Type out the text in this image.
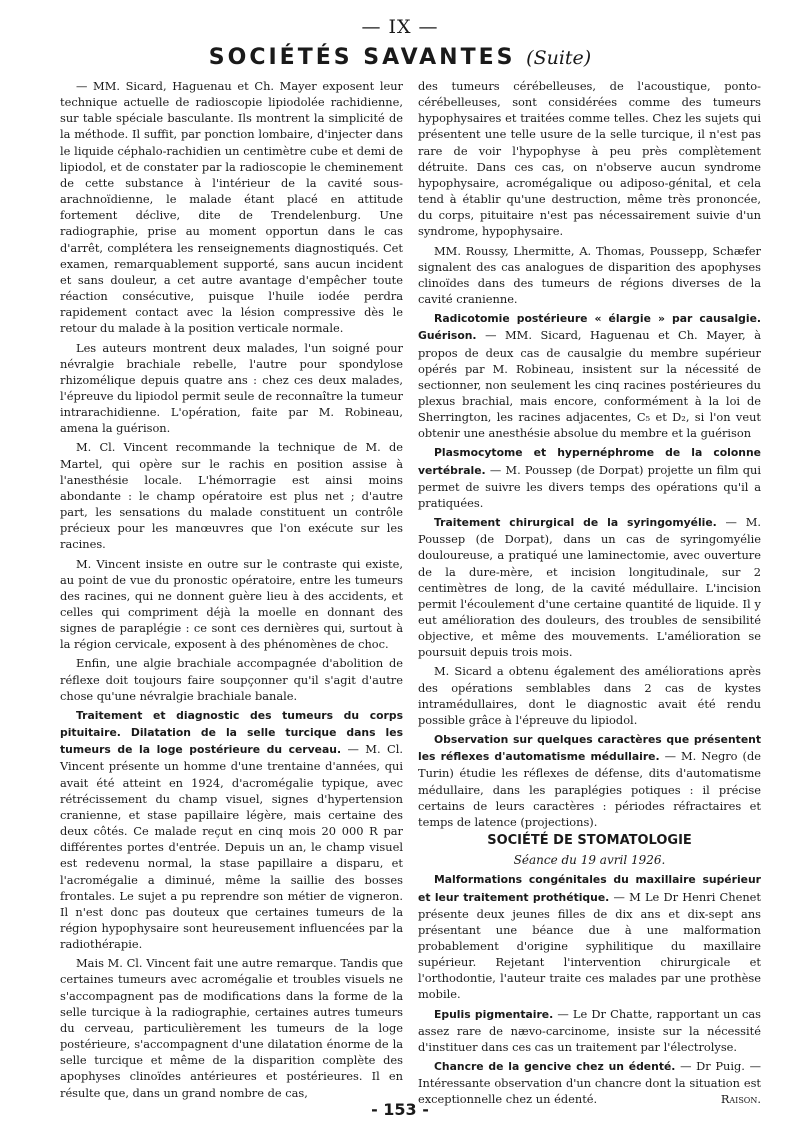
— IX —
SOCIÉTÉS SAVANTES (Suite)

— MM. Sicard, Haguenau et Ch. Mayer exposent leur technique actuelle de radioscopie lipiodolée rachidienne, sur table spéciale basculante. Ils montrent la simplicité de la méthode. Il suffit, par ponction lombaire, d'injecter dans le liquide céphalo-rachidien un centimètre cube et demi de lipiodol, et de constater par la radioscopie le cheminement de cette substance à l'intérieur de la cavité sous-arachnoïdienne, le malade étant placé en attitude fortement déclive, dite de Trendelenburg. Une radiographie, prise au moment opportun dans le cas d'arrêt, complétera les renseignements diagnostiqués. Cet examen, remarquablement supporté, sans aucun incident et sans douleur, a cet autre avantage d'empêcher toute réaction consécutive, puisque l'huile iodée perdra rapidement contact avec la lésion compressive dès le retour du malade à la position verticale normale.

Les auteurs montrent deux malades, l'un soigné pour névralgie brachiale rebelle, l'autre pour spondylose rhizomélique depuis quatre ans : chez ces deux malades, l'épreuve du lipiodol permit seule de reconnaître la tumeur intrarachidienne. L'opération, faite par M. Robineau, amena la guérison.

M. Cl. Vincent recommande la technique de M. de Martel, qui opère sur le rachis en position assise à l'anesthésie locale. L'hémorragie est ainsi moins abondante : le champ opératoire est plus net ; d'autre part, les sensations du malade constituent un contrôle précieux pour les manœuvres que l'on exécute sur les racines.

M. Vincent insiste en outre sur le contraste qui existe, au point de vue du pronostic opératoire, entre les tumeurs des racines, qui ne donnent guère lieu à des accidents, et celles qui compriment déjà la moelle en donnant des signes de paraplégie : ce sont ces dernières qui, surtout à la région cervicale, exposent à des phénomènes de choc.

Enfin, une algie brachiale accompagnée d'abolition de réflexe doit toujours faire soupçonner qu'il s'agit d'autre chose qu'une névralgie brachiale banale.

Traitement et diagnostic des tumeurs du corps pituitaire. Dilatation de la selle turcique dans les tumeurs de la loge postérieure du cerveau. — M. Cl. Vincent présente un homme d'une trentaine d'années, qui avait été atteint en 1924, d'acromégalie typique, avec rétrécissement du champ visuel, signes d'hypertension cranienne, et stase papillaire légère, mais certaine des deux côtés. Ce malade reçut en cinq mois 20 000 R par différentes portes d'entrée. Depuis un an, le champ visuel est redevenu normal, la stase papillaire a disparu, et l'acromégalie a diminué, même la saillie des bosses frontales. Le sujet a pu reprendre son métier de vigneron. Il n'est donc pas douteux que certaines tumeurs de la région hypophysaire sont heureusement influencées par la radiothérapie.

Mais M. Cl. Vincent fait une autre remarque. Tandis que certaines tumeurs avec acromégalie et troubles visuels ne s'accompagnent pas de modifications dans la forme de la selle turcique à la radiographie, certaines autres tumeurs du cerveau, particulièrement les tumeurs de la loge postérieure, s'accompagnent d'une dilatation énorme de la selle turcique et même de la disparition complète des apophyses clinoïdes antérieures et postérieures. Il en résulte que, dans un grand nombre de cas,

des tumeurs cérébelleuses, de l'acoustique, ponto-cérébelleuses, sont considérées comme des tumeurs hypophysaires et traitées comme telles. Chez les sujets qui présentent une telle usure de la selle turcique, il n'est pas rare de voir l'hypophyse à peu près complètement détruite. Dans ces cas, on n'observe aucun syndrome hypophysaire, acromégalique ou adiposo-génital, et cela tend à établir qu'une destruction, même très prononcée, du corps, pituitaire n'est pas nécessairement suivie d'un syndrome, hypophysaire.

MM. Roussy, Lhermitte, A. Thomas, Poussepp, Schæfer signalent des cas analogues de disparition des apophyses clinoïdes dans des tumeurs de régions diverses de la cavité cranienne.

Radicotomie postérieure « élargie » par causalgie. Guérison. — MM. Sicard, Haguenau et Ch. Mayer, à propos de deux cas de causalgie du membre supérieur opérés par M. Robineau, insistent sur la nécessité de sectionner, non seulement les cinq racines postérieures du plexus brachial, mais encore, conformément à la loi de Sherrington, les racines adjacentes, C₅ et D₂, si l'on veut obtenir une anesthésie absolue du membre et la guérison

Plasmocytome et hypernéphrome de la colonne vertébrale. — M. Poussep (de Dorpat) projette un film qui permet de suivre les divers temps des opérations qu'il a pratiquées.

Traitement chirurgical de la syringomyélie. — M. Poussep (de Dorpat), dans un cas de syringomyélie douloureuse, a pratiqué une laminectomie, avec ouverture de la dure-mère, et incision longitudinale, sur 2 centimètres de long, de la cavité médullaire. L'incision permit l'écoulement d'une certaine quantité de liquide. Il y eut amélioration des douleurs, des troubles de sensibilité objective, et même des mouvements. L'amélioration se poursuit depuis trois mois.

M. Sicard a obtenu également des améliorations après des opérations semblables dans 2 cas de kystes intramédullaires, dont le diagnostic avait été rendu possible grâce à l'épreuve du lipiodol.

Observation sur quelques caractères que présentent les réflexes d'automatisme médullaire. — M. Negro (de Turin) étudie les réflexes de défense, dits d'automatisme médullaire, dans les paraplégies potiques : il précise certains de leurs caractères : périodes réfractaires et temps de latence (projections).

SOCIÉTÉ DE STOMATOLOGIE

Séance du 19 avril 1926.

Malformations congénitales du maxillaire supérieur et leur traitement prothétique. — M Le Dr Henri Chenet présente deux jeunes filles de dix ans et dix-sept ans présentant une béance due à une malformation probablement d'origine syphilitique du maxillaire supérieur. Rejetant l'intervention chirurgicale et l'orthodontie, l'auteur traite ces malades par une prothèse mobile.

Epulis pigmentaire. — Le Dr Chatte, rapportant un cas assez rare de nævo-carcinome, insiste sur la nécessité d'instituer dans ces cas un traitement par l'électrolyse.

Chancre de la gencive chez un édenté. — Dr Puig. — Intéressante observation d'un chancre dont la situation est exceptionnelle chez un édenté.	Raison.

- 153 -
